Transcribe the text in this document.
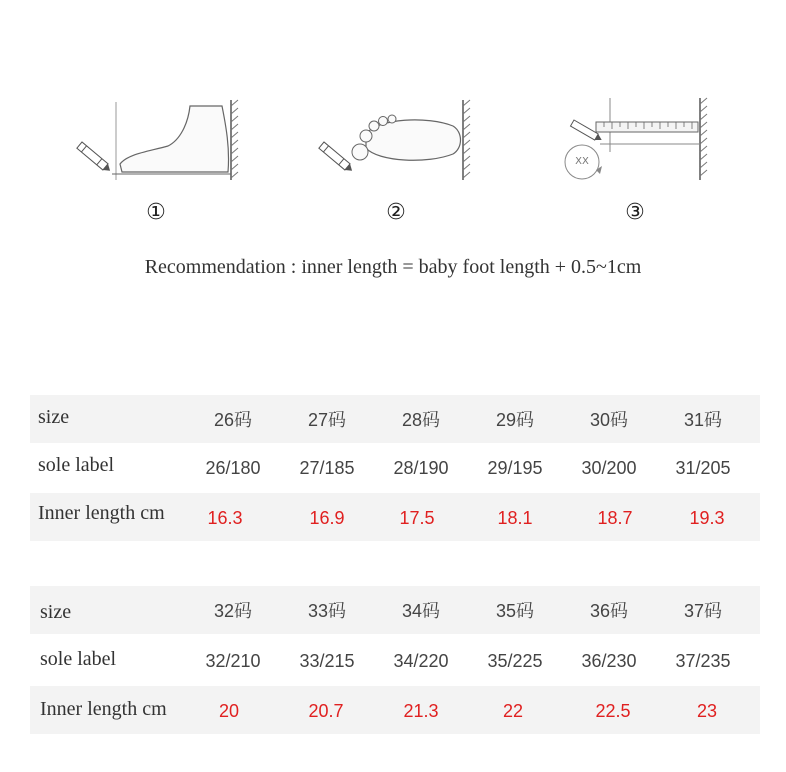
XX
①	②	③
Recommendation : inner length = baby foot length + 0.5~1cm
size	26码	27码	28码	29码	30码	31码
sole label	26/180	27/185	28/190	29/195	30/200	31/205
Inner length cm	16.3	16.9	17.5	18.1	18.7	19.3
size	32码	33码	34码	35码	36码	37码
sole label	32/210	33/215	34/220	35/225	36/230	37/235
Inner length cm	20	20.7	21.3	22	22.5	23
